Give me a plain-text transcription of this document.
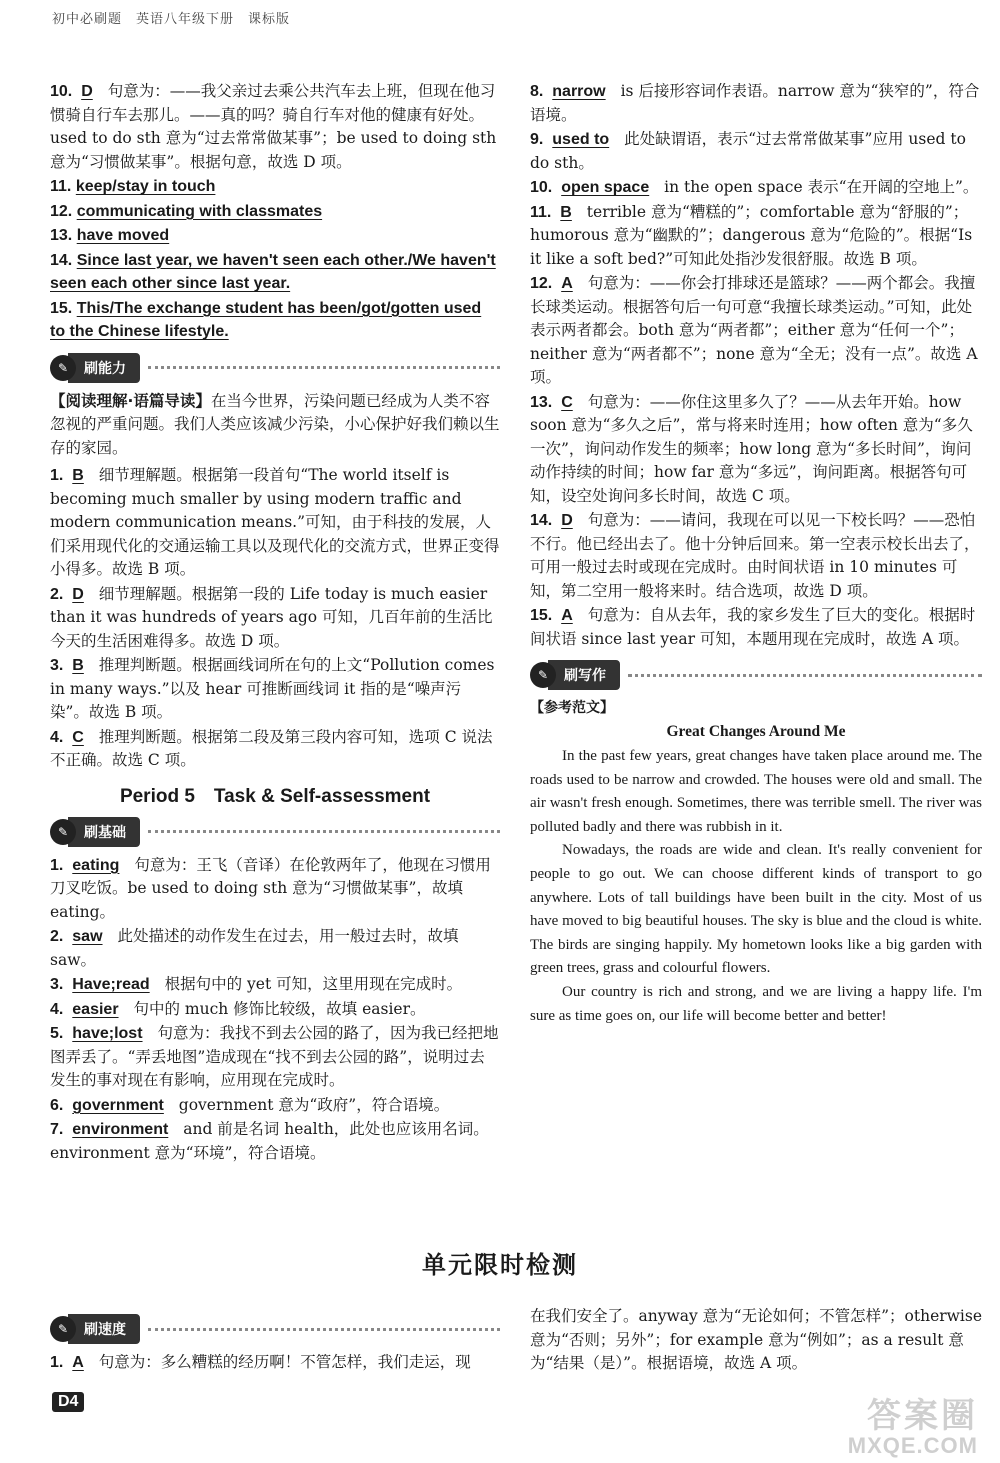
初中必刷题　英语八年级下册　课标版
10. D 句意为：——我父亲过去乘公共汽车去上班，但现在他习惯骑自行车去那儿。——真的吗？骑自行车对他的健康有好处。used to do sth 意为“过去常常做某事”；be used to doing sth 意为“习惯做某事”。根据句意，故选 D 项。
11. keep/stay in touch
12. communicating with classmates
13. have moved
14. Since last year, we haven't seen each other./We haven't seen each other since last year.
15. This/The exchange student has been/got/gotten used to the Chinese lifestyle.
✎	刷能力
【阅读理解·语篇导读】在当今世界，污染问题已经成为人类不容忽视的严重问题。我们人类应该减少污染，小心保护好我们赖以生存的家园。
1. B 细节理解题。根据第一段首句“The world itself is becoming much smaller by using modern traffic and modern communication means.”可知，由于科技的发展，人们采用现代化的交通运输工具以及现代化的交流方式，世界正变得小得多。故选 B 项。
2. D 细节理解题。根据第一段的 Life today is much easier than it was hundreds of years ago 可知，几百年前的生活比今天的生活困难得多。故选 D 项。
3. B 推理判断题。根据画线词所在句的上文“Pollution comes in many ways.”以及 hear 可推断画线词 it 指的是“噪声污染”。故选 B 项。
4. C 推理判断题。根据第二段及第三段内容可知，选项 C 说法不正确。故选 C 项。
Period 5　Task & Self-assessment
✎	刷基础
1. eating 句意为：王飞（音译）在伦敦两年了，他现在习惯用刀叉吃饭。be used to doing sth 意为“习惯做某事”，故填 eating。
2. saw 此处描述的动作发生在过去，用一般过去时，故填 saw。
3. Have;read 根据句中的 yet 可知，这里用现在完成时。
4. easier 句中的 much 修饰比较级，故填 easier。
5. have;lost 句意为：我找不到去公园的路了，因为我已经把地图弄丢了。“弄丢地图”造成现在“找不到去公园的路”，说明过去发生的事对现在有影响，应用现在完成时。
6. government government 意为“政府”，符合语境。
7. environment and 前是名词 health，此处也应该用名词。environment 意为“环境”，符合语境。
8. narrow is 后接形容词作表语。narrow 意为“狭窄的”，符合语境。
9. used to 此处缺谓语，表示“过去常常做某事”应用 used to do sth。
10. open space in the open space 表示“在开阔的空地上”。
11. B terrible 意为“糟糕的”；comfortable 意为“舒服的”；humorous 意为“幽默的”；dangerous 意为“危险的”。根据“Is it like a soft bed?”可知此处指沙发很舒服。故选 B 项。
12. A 句意为：——你会打排球还是篮球？——两个都会。我擅长球类运动。根据答句后一句可意“我擅长球类运动。”可知，此处表示两者都会。both 意为“两者都”；either 意为“任何一个”；neither 意为“两者都不”；none 意为“全无；没有一点”。故选 A 项。
13. C 句意为：——你住这里多久了？——从去年开始。how soon 意为“多久之后”，常与将来时连用；how often 意为“多久一次”，询问动作发生的频率；how long 意为“多长时间”，询问动作持续的时间；how far 意为“多远”，询问距离。根据答句可知，设空处询问多长时间，故选 C 项。
14. D 句意为：——请问，我现在可以见一下校长吗？——恐怕不行。他已经出去了。他十分钟后回来。第一空表示校长出去了，可用一般过去时或现在完成时。由时间状语 in 10 minutes 可知，第二空用一般将来时。结合选项，故选 D 项。
15. A 句意为：自从去年，我的家乡发生了巨大的变化。根据时间状语 since last year 可知，本题用现在完成时，故选 A 项。
✎	刷写作
【参考范文】
Great Changes Around Me

In the past few years, great changes have taken place around me. The roads used to be narrow and crowded. The houses were old and small. The air wasn't fresh enough. Sometimes, there was terrible smell. The river was polluted badly and there was rubbish in it.

Nowadays, the roads are wide and clean. It's really convenient for people to go out. We can choose different kinds of transport to go anywhere. Lots of tall buildings have been built in the city. Most of us have moved to big beautiful houses. The sky is blue and the cloud is white. The birds are singing happily. My hometown looks like a big garden with green trees, grass and colourful flowers.

Our country is rich and strong, and we are living a happy life. I'm sure as time goes on, our life will become better and better!

单元限时检测
✎	刷速度
1. A 句意为：多么糟糕的经历啊！不管怎样，我们走运，现
在我们安全了。anyway 意为“无论如何；不管怎样”；otherwise 意为“否则；另外”；for example 意为“例如”；as a result 意为“结果（是）”。根据语境，故选 A 项。
D4	答案圈
MXQE.COM
